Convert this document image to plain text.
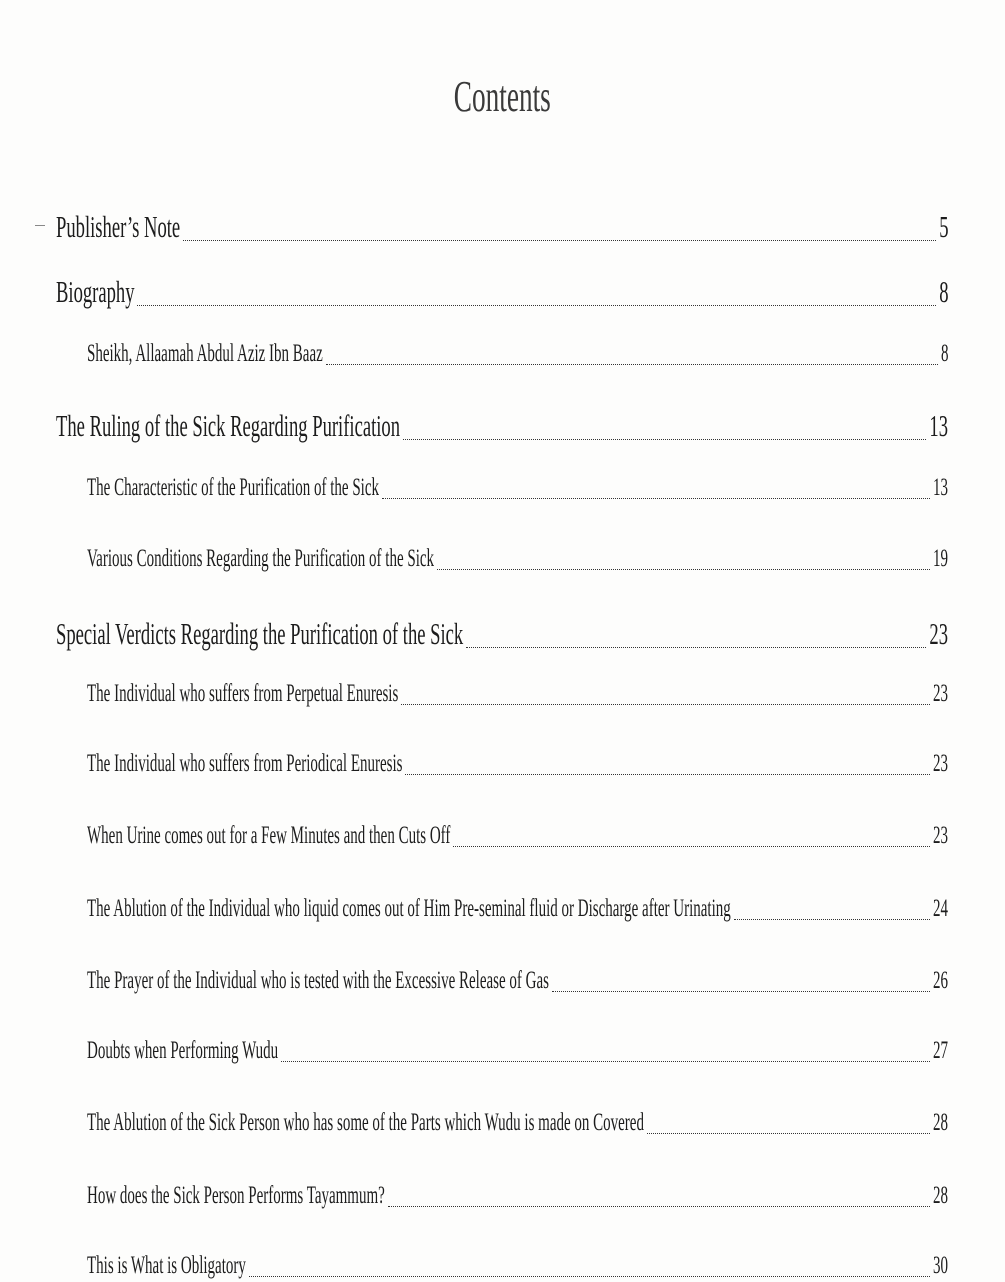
Contents
Publisher’s Note	5
Biography	8
Sheikh, Allaamah Abdul Aziz Ibn Baaz	8
The Ruling of the Sick Regarding Purification	13
The Characteristic of the Purification of the Sick	13
Various Conditions Regarding the Purification of the Sick	19
Special Verdicts Regarding the Purification of the Sick	23
The Individual who suffers from Perpetual Enuresis	23
The Individual who suffers from Periodical Enuresis	23
When Urine comes out for a Few Minutes and then Cuts Off	23
The Ablution of the Individual who liquid comes out of Him Pre-seminal fluid or Discharge after Urinating	24
The Prayer of the Individual who is tested with the Excessive Release of Gas	26
Doubts when Performing Wudu	27
The Ablution of the Sick Person who has some of the Parts which Wudu is made on Covered	28
How does the Sick Person Performs Tayammum?	28
This is What is Obligatory	30
